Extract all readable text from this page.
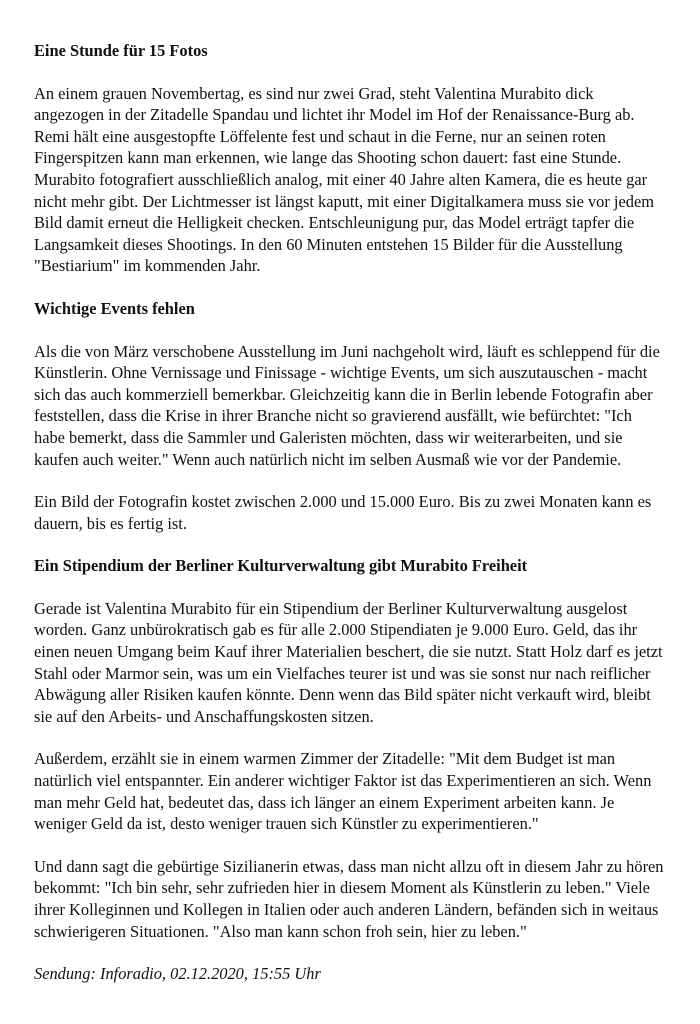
Eine Stunde für 15 Fotos

An einem grauen Novembertag, es sind nur zwei Grad, steht Valentina Murabito dick angezogen in der Zitadelle Spandau und lichtet ihr Model im Hof der Renaissance-Burg ab. Remi hält eine ausgestopfte Löffelente fest und schaut in die Ferne, nur an seinen roten Fingerspitzen kann man erkennen, wie lange das Shooting schon dauert: fast eine Stunde. Murabito fotografiert ausschließlich analog, mit einer 40 Jahre alten Kamera, die es heute gar nicht mehr gibt. Der Lichtmesser ist längst kaputt, mit einer Digitalkamera muss sie vor jedem Bild damit erneut die Helligkeit checken. Entschleunigung pur, das Model erträgt tapfer die Langsamkeit dieses Shootings. In den 60 Minuten entstehen 15 Bilder für die Ausstellung "Bestiarium" im kommenden Jahr.

Wichtige Events fehlen

Als die von März verschobene Ausstellung im Juni nachgeholt wird, läuft es schleppend für die Künstlerin. Ohne Vernissage und Finissage - wichtige Events, um sich auszutauschen - macht sich das auch kommerziell bemerkbar. Gleichzeitig kann die in Berlin lebende Fotografin aber feststellen, dass die Krise in ihrer Branche nicht so gravierend ausfällt, wie befürchtet: "Ich habe bemerkt, dass die Sammler und Galeristen möchten, dass wir weiterarbeiten, und sie kaufen auch weiter." Wenn auch natürlich nicht im selben Ausmaß wie vor der Pandemie.

Ein Bild der Fotografin kostet zwischen 2.000 und 15.000 Euro. Bis zu zwei Monaten kann es dauern, bis es fertig ist.

Ein Stipendium der Berliner Kulturverwaltung gibt Murabito Freiheit

Gerade ist Valentina Murabito für ein Stipendium der Berliner Kulturverwaltung ausgelost worden. Ganz unbürokratisch gab es für alle 2.000 Stipendiaten je 9.000 Euro. Geld, das ihr einen neuen Umgang beim Kauf ihrer Materialien beschert, die sie nutzt. Statt Holz darf es jetzt Stahl oder Marmor sein, was um ein Vielfaches teurer ist und was sie sonst nur nach reiflicher Abwägung aller Risiken kaufen könnte. Denn wenn das Bild später nicht verkauft wird, bleibt sie auf den Arbeits- und Anschaffungskosten sitzen.

Außerdem, erzählt sie in einem warmen Zimmer der Zitadelle: "Mit dem Budget ist man natürlich viel entspannter. Ein anderer wichtiger Faktor ist das Experimentieren an sich. Wenn man mehr Geld hat, bedeutet das, dass ich länger an einem Experiment arbeiten kann. Je weniger Geld da ist, desto weniger trauen sich Künstler zu experimentieren."

Und dann sagt die gebürtige Sizilianerin etwas, dass man nicht allzu oft in diesem Jahr zu hören bekommt: "Ich bin sehr, sehr zufrieden hier in diesem Moment als Künstlerin zu leben." Viele ihrer Kolleginnen und Kollegen in Italien oder auch anderen Ländern, befänden sich in weitaus schwierigeren Situationen. "Also man kann schon froh sein, hier zu leben."

Sendung: Inforadio, 02.12.2020, 15:55 Uhr
